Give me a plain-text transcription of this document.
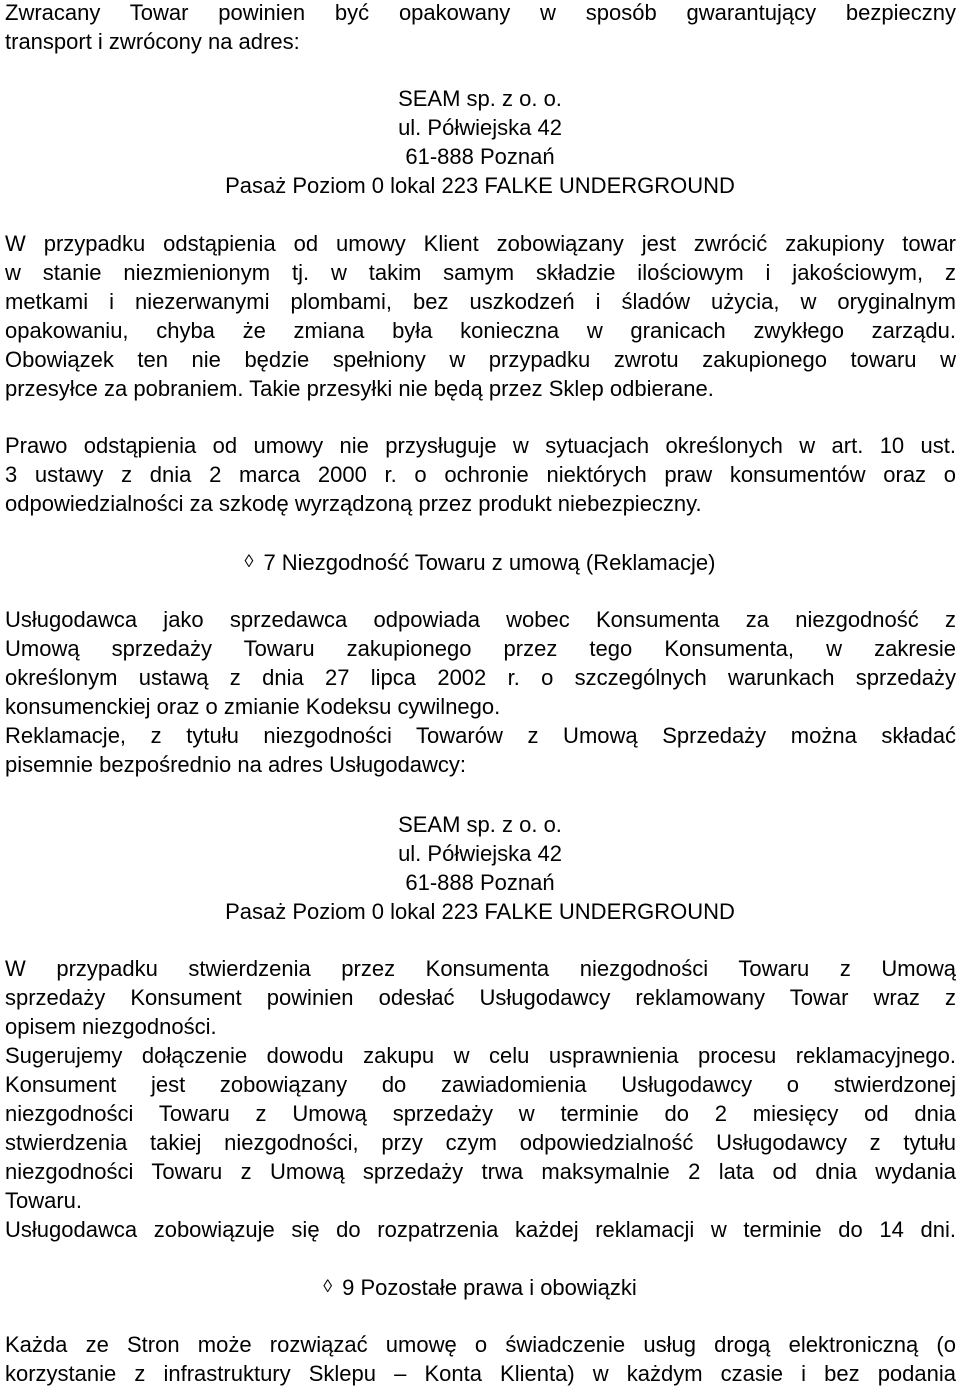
Zwracany Towar powinien być opakowany w sposób gwarantujący bezpieczny
transport i zwrócony na adres:
SEAM sp. z o. o.
ul. Półwiejska 42
61-888 Poznań
Pasaż Poziom 0 lokal 223 FALKE UNDERGROUND
W przypadku odstąpienia od umowy Klient zobowiązany jest zwrócić zakupiony towar
w stanie niezmienionym tj. w takim samym składzie ilościowym i jakościowym, z
metkami i niezerwanymi plombami, bez uszkodzeń i śladów użycia, w oryginalnym
opakowaniu, chyba że zmiana była konieczna w granicach zwykłego zarządu.
Obowiązek ten nie będzie spełniony w przypadku zwrotu zakupionego towaru w
przesyłce za pobraniem. Takie przesyłki nie będą przez Sklep odbierane.
Prawo odstąpienia od umowy nie przysługuje w sytuacjach określonych w art. 10 ust.
3 ustawy z dnia 2 marca 2000 r. o ochronie niektórych praw konsumentów oraz o
odpowiedzialności za szkodę wyrządzoną przez produkt niebezpieczny.
◊ 7 Niezgodność Towaru z umową (Reklamacje)
Usługodawca jako sprzedawca odpowiada wobec Konsumenta za niezgodność z
Umową sprzedaży Towaru zakupionego przez tego Konsumenta, w zakresie
określonym ustawą z dnia 27 lipca 2002 r. o szczególnych warunkach sprzedaży
konsumenckiej oraz o zmianie Kodeksu cywilnego.
Reklamacje, z tytułu niezgodności Towarów z Umową Sprzedaży można składać
pisemnie bezpośrednio na adres Usługodawcy:
SEAM sp. z o. o.
ul. Półwiejska 42
61-888 Poznań
Pasaż Poziom 0 lokal 223 FALKE UNDERGROUND
W przypadku stwierdzenia przez Konsumenta niezgodności Towaru z Umową
sprzedaży Konsument powinien odesłać Usługodawcy reklamowany Towar wraz z
opisem niezgodności.
Sugerujemy dołączenie dowodu zakupu w celu usprawnienia procesu reklamacyjnego.
Konsument jest zobowiązany do zawiadomienia Usługodawcy o stwierdzonej
niezgodności Towaru z Umową sprzedaży w terminie do 2 miesięcy od dnia
stwierdzenia takiej niezgodności, przy czym odpowiedzialność Usługodawcy z tytułu
niezgodności Towaru z Umową sprzedaży trwa maksymalnie 2 lata od dnia wydania
Towaru.
Usługodawca zobowiązuje się do rozpatrzenia każdej reklamacji w terminie do 14 dni.
◊ 9 Pozostałe prawa i obowiązki
Każda ze Stron może rozwiązać umowę o świadczenie usług drogą elektroniczną (o
korzystanie z infrastruktury Sklepu – Konta Klienta) w każdym czasie i bez podania
